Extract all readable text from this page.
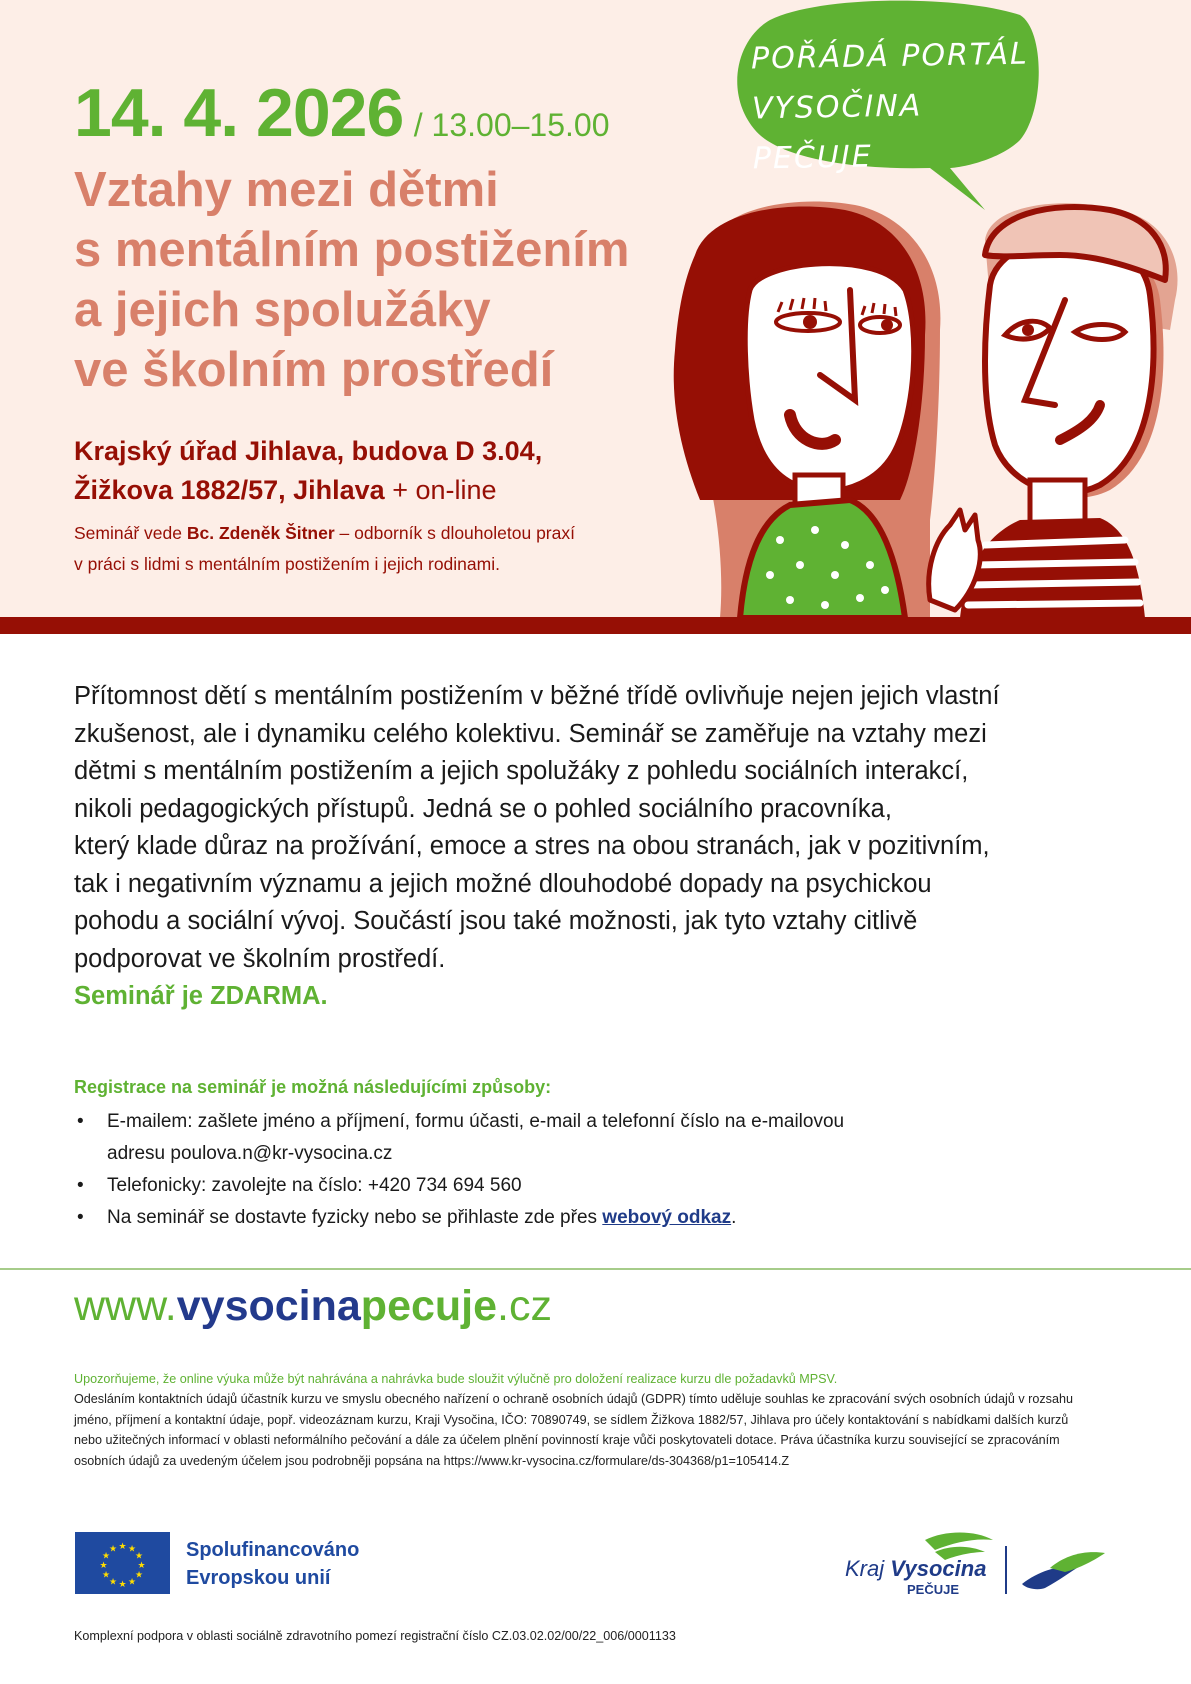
POŘÁDÁ PORTÁL
VYSOČINA PEČUJE
14. 4. 2026 / 13.00–15.00
Vztahy mezi dětmi
s mentálním postižením
a jejich spolužáky
ve školním prostředí
Krajský úřad Jihlava, budova D 3.04,
Žižkova 1882/57, Jihlava + on-line
Seminář vede Bc. Zdeněk Šitner – odborník s dlouholetou praxí
v práci s lidmi s mentálním postižením i jejich rodinami.
Přítomnost dětí s mentálním postižením v běžné třídě ovlivňuje nejen jejich vlastní
zkušenost, ale i dynamiku celého kolektivu. Seminář se zaměřuje na vztahy mezi
dětmi s mentálním postižením a jejich spolužáky z pohledu sociálních interakcí,
nikoli pedagogických přístupů. Jedná se o pohled sociálního pracovníka,
který klade důraz na prožívání, emoce a stres na obou stranách, jak v pozitivním,
tak i negativním významu a jejich možné dlouhodobé dopady na psychickou
pohodu a sociální vývoj. Součástí jsou také možnosti, jak tyto vztahy citlivě
podporovat ve školním prostředí.
Seminář je ZDARMA.
Registrace na seminář je možná následujícími způsoby:
• E-mailem: zašlete jméno a příjmení, formu účasti, e-mail a telefonní číslo na e-mailovou
adresu poulova.n@kr-vysocina.cz
• Telefonicky: zavolejte na číslo: +420 734 694 560
• Na seminář se dostavte fyzicky nebo se přihlaste zde přes webový odkaz.
www.vysocinapecuje.cz
Upozorňujeme, že online výuka může být nahrávána a nahrávka bude sloužit výlučně pro doložení realizace kurzu dle požadavků MPSV.
Odesláním kontaktních údajů účastník kurzu ve smyslu obecného nařízení o ochraně osobních údajů (GDPR) tímto uděluje souhlas ke zpracování svých osobních údajů v rozsahu
jméno, příjmení a kontaktní údaje, popř. videozáznam kurzu, Kraji Vysočina, IČO: 70890749, se sídlem Žižkova 1882/57, Jihlava pro účely kontaktování s nabídkami dalších kurzů
nebo užitečných informací v oblasti neformálního pečování a dále za účelem plnění povinností kraje vůči poskytovateli dotace. Práva účastníka kurzu související se zpracováním
osobních údajů za uvedeným účelem jsou podrobněji popsána na https://www.kr-vysocina.cz/formulare/ds-304368/p1=105414.Z
★ ★
★
★
★
★
★
★
★
★
★
★	Spolufinancováno
Evropskou unií	Kraj Vysocina
PEČUJE
Komplexní podpora v oblasti sociálně zdravotního pomezí registrační číslo CZ.03.02.02/00/22_006/0001133
